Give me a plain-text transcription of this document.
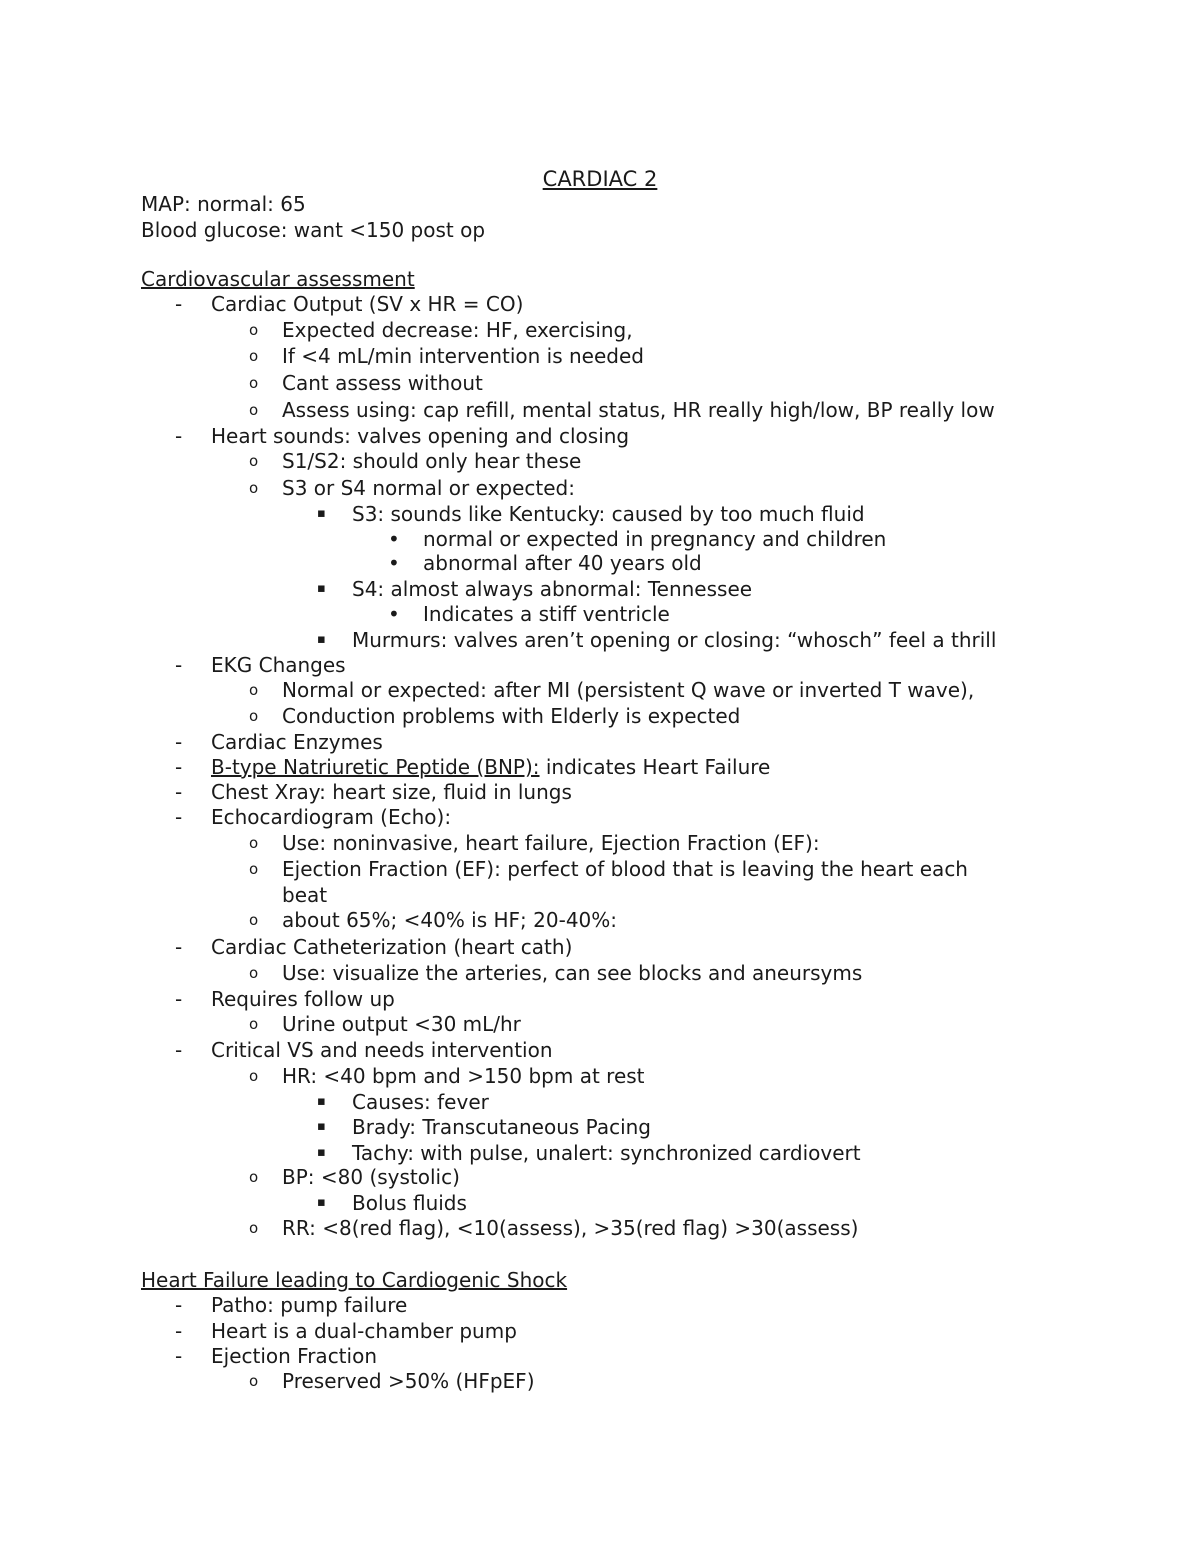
CARDIAC 2
MAP: normal: 65
Blood glucose: want <150 post op
Cardiovascular assessment
- Cardiac Output (SV x HR = CO)
o Expected decrease: HF, exercising,
o If <4 mL/min intervention is needed
o Cant assess without
o Assess using: cap refill, mental status, HR really high/low, BP really low
- Heart sounds: valves opening and closing
o S1/S2: should only hear these
o S3 or S4 normal or expected:
▪ S3: sounds like Kentucky: caused by too much fluid
• normal or expected in pregnancy and children
• abnormal after 40 years old
▪ S4: almost always abnormal: Tennessee
• Indicates a stiff ventricle
▪ Murmurs: valves aren’t opening or closing: “whosch” feel a thrill
- EKG Changes
o Normal or expected: after MI (persistent Q wave or inverted T wave),
o Conduction problems with Elderly is expected
- Cardiac Enzymes
- B-type Natriuretic Peptide (BNP): indicates Heart Failure
- Chest Xray: heart size, fluid in lungs
- Echocardiogram (Echo):
o Use: noninvasive, heart failure, Ejection Fraction (EF):
o Ejection Fraction (EF): perfect of blood that is leaving the heart each
beat
o about 65%; <40% is HF; 20-40%:
- Cardiac Catheterization (heart cath)
o Use: visualize the arteries, can see blocks and aneursyms
- Requires follow up
o Urine output <30 mL/hr
- Critical VS and needs intervention
o HR: <40 bpm and >150 bpm at rest
▪ Causes: fever
▪ Brady: Transcutaneous Pacing
▪ Tachy: with pulse, unalert: synchronized cardiovert
o BP: <80 (systolic)
▪ Bolus fluids
o RR: <8(red flag), <10(assess), >35(red flag) >30(assess)
Heart Failure leading to Cardiogenic Shock
- Patho: pump failure
- Heart is a dual-chamber pump
- Ejection Fraction
o Preserved >50% (HFpEF)
